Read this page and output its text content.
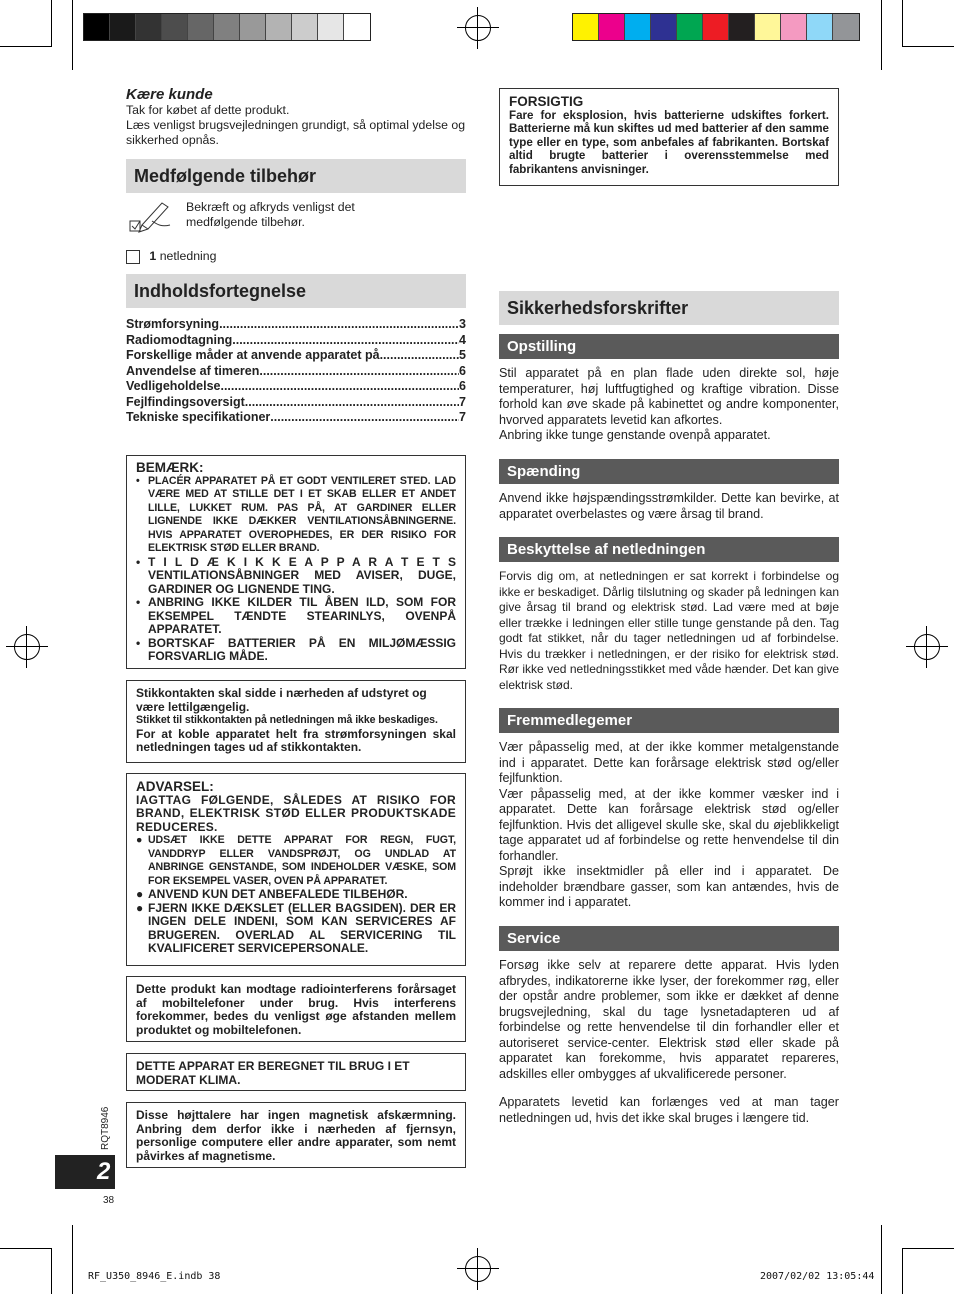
Kære kunde
Tak for købet af dette produkt.
Læs venligst brugsvejledningen grundigt, så optimal ydelse og sikkerhed opnås.
Medfølgende tilbehør
Bekræft og afkryds venligst det medfølgende tilbehør.
1 netledning
Indholdsfortegnelse
Strømforsyning .....	3
Radiomodtagning .....	4
Forskellige måder at anvende apparatet på .....	5
Anvendelse af timeren .....	6
Vedligeholdelse .....	6
Fejlfindingsoversigt .....	7
Tekniske specifikationer .....	7
BEMÆRK:
• PLACÉR APPARATET PÅ ET GODT VENTILERET STED. LAD VÆRE MED AT STILLE DET I ET SKAB ELLER ET ANDET LILLE, LUKKET RUM. PAS PÅ, AT GARDINER ELLER LIGNENDE IKKE DÆKKER VENTILATIONSÅBNINGERNE. HVIS APPARATET OVEROPHEDES, ER DER RISIKO FOR ELEKTRISK STØD ELLER BRAND.
• T I L D Æ K I K K E A P P A R A T E T S VENTILATIONSÅBNINGER MED AVISER, DUGE, GARDINER OG LIGNENDE TING.
• ANBRING IKKE KILDER TIL ÅBEN ILD, SOM FOR EKSEMPEL TÆNDTE STEARINLYS, OVENPÅ APPARATET.
• BORTSKAF BATTERIER PÅ EN MILJØMÆSSIG FORSVARLIG MÅDE.
Stikkontakten skal sidde i nærheden af udstyret og være lettilgængelig.
Stikket til stikkontakten på netledningen må ikke beskadiges.
For at koble apparatet helt fra strømforsyningen skal netledningen tages ud af stikkontakten.
ADVARSEL:
IAGTTAG FØLGENDE, SÅLEDES AT RISIKO FOR BRAND, ELEKTRISK STØD ELLER PRODUKTSKADE REDUCERES.
● UDSÆT IKKE DETTE APPARAT FOR REGN, FUGT, VANDDRYP ELLER VANDSPRØJT, OG UNDLAD AT ANBRINGE GENSTANDE, SOM INDEHOLDER VÆSKE, SOM FOR EKSEMPEL VASER, OVEN PÅ APPARATET.
● ANVEND KUN DET ANBEFALEDE TILBEHØR.
● FJERN IKKE DÆKSLET (ELLER BAGSIDEN). DER ER INGEN DELE INDENI, SOM KAN SERVICERES AF BRUGEREN. OVERLAD AL SERVICERING TIL KVALIFICERET SERVICEPERSONALE.
Dette produkt kan modtage radiointerferens forårsaget af mobiltelefoner under brug. Hvis interferens forekommer, bedes du venligst øge afstanden mellem produktet og mobiltelefonen.
DETTE APPARAT ER BEREGNET TIL BRUG I ET MODERAT KLIMA.
Disse højttalere har ingen magnetisk afskærmning. Anbring dem derfor ikke i nærheden af fjernsyn, personlige computere eller andre apparater, som nemt påvirkes af magnetisme.
RQT8946
2
38
FORSIGTIG
Fare for eksplosion, hvis batterierne udskiftes forkert. Batterierne må kun skiftes ud med batterier af den samme type eller en type, som anbefales af fabrikanten. Bortskaf altid brugte batterier i overensstemmelse med fabrikantens anvisninger.
Sikkerhedsforskrifter
Opstilling
Stil apparatet på en plan flade uden direkte sol, høje temperaturer, høj luftfugtighed og kraftige vibration. Disse forhold kan øve skade på kabinettet og andre komponenter, hvorved apparatets levetid kan afkortes.
Anbring ikke tunge genstande ovenpå apparatet.
Spænding
Anvend ikke højspændingsstrømkilder. Dette kan bevirke, at apparatet overbelastes og være årsag til brand.
Beskyttelse af netledningen
Forvis dig om, at netledningen er sat korrekt i forbindelse og ikke er beskadiget. Dårlig tilslutning og skader på ledningen kan give årsag til brand og elektrisk stød. Lad være med at bøje eller trække i ledningen eller stille tunge genstande på den. Tag godt fat stikket, når du tager netledningen ud af forbindelse. Hvis du trækker i netledningen, er der risiko for elektrisk stød. Rør ikke ved netledningsstikket med våde hænder. Det kan give elektrisk stød.
Fremmedlegemer
Vær påpasselig med, at der ikke kommer metalgenstande ind i apparatet. Dette kan forårsage elektrisk stød og/eller fejlfunktion.
Vær påpasselig med, at der ikke kommer væsker ind i apparatet. Dette kan forårsage elektrisk stød og/eller fejlfunktion. Hvis det alligevel skulle ske, skal du øjeblikkeligt tage apparatet ud af forbindelse og rette henvendelse til din forhandler.
Sprøjt ikke insektmidler på eller ind i apparatet. De indeholder brændbare gasser, som kan antændes, hvis de kommer ind i apparatet.
Service
Forsøg ikke selv at reparere dette apparat. Hvis lyden afbrydes, indikatorerne ikke lyser, der forekommer røg, eller der opstår andre problemer, som ikke er dækket af denne brugsvejledning, skal du tage lysnetadapteren ud af forbindelse og rette henvendelse til din forhandler eller et autoriseret service-center. Elektrisk stød eller skade på apparatet kan forekomme, hvis apparatet repareres, adskilles eller ombygges af ukvalificerede personer.
Apparatets levetid kan forlænges ved at man tager netledningen ud, hvis det ikke skal bruges i længere tid.
RF_U350_8946_E.indb 38	2007/02/02 13:05:44
